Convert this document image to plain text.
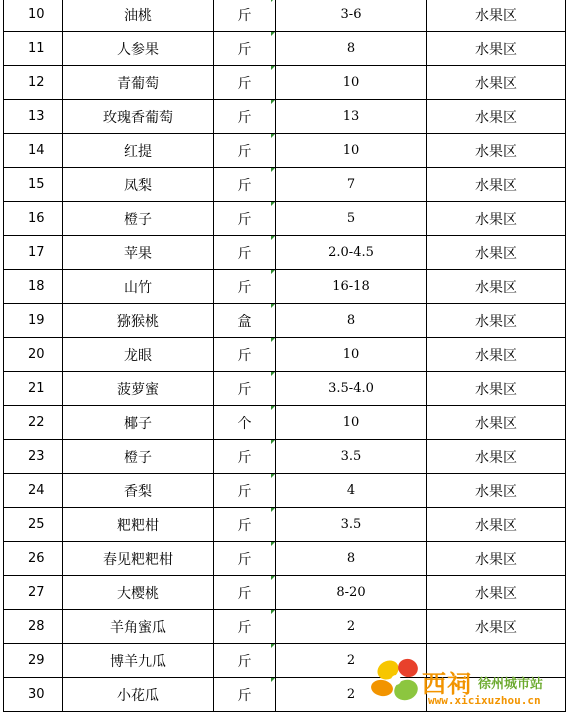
10	油桃	斤	3-6	水果区
11	人参果	斤	8	水果区
12	青葡萄	斤	10	水果区
13	玫瑰香葡萄	斤	13	水果区
14	红提	斤	10	水果区
15	凤梨	斤	7	水果区
16	橙子	斤	5	水果区
17	苹果	斤	2.0-4.5	水果区
18	山竹	斤	16-18	水果区
19	猕猴桃	盒	8	水果区
20	龙眼	斤	10	水果区
21	菠萝蜜	斤	3.5-4.0	水果区
22	椰子	个	10	水果区
23	橙子	斤	3.5	水果区
24	香梨	斤	4	水果区
25	粑粑柑	斤	3.5	水果区
26	春见粑粑柑	斤	8	水果区
27	大樱桃	斤	8-20	水果区
28	羊角蜜瓜	斤	2	水果区
29	博羊九瓜	斤	2	
30	小花瓜	斤	2		西祠 徐州城市站
www.xicixuzhou.cn
